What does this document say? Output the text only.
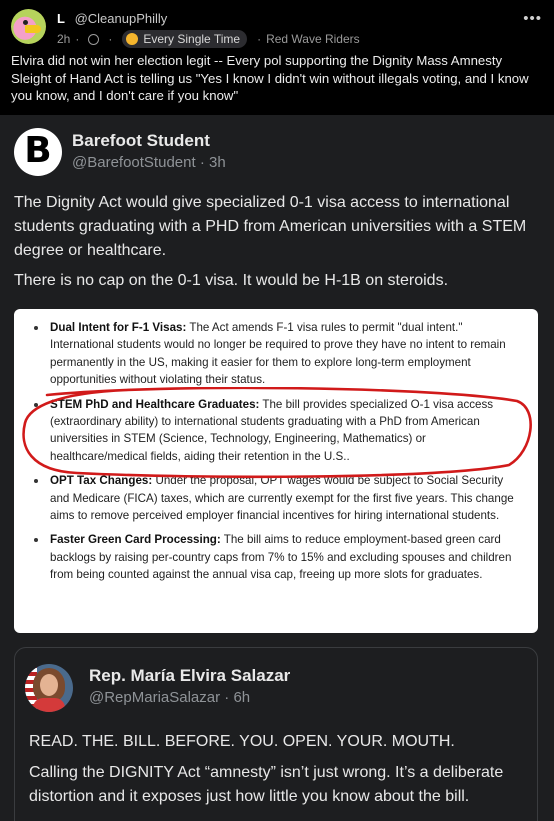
L @CleanupPhilly
2h · ·	Every Single Time · Red Wave Riders
•••
Elvira did not win her election legit -- Every pol supporting the Dignity Mass Amnesty Sleight of Hand Act is telling us "Yes I know I didn't win without illegals voting, and I know you know, and I don't care if you know"
B	Barefoot Student
@BarefootStudent · 3h
The Dignity Act would give specialized 0-1 visa access to international students graduating with a PHD from American universities with a STEM degree or healthcare.
There is no cap on the 0-1 visa. It would be H-1B on steroids.
Dual Intent for F-1 Visas: The Act amends F-1 visa rules to permit "dual intent." International students would no longer be required to prove they have no intent to remain permanently in the US, making it easier for them to explore long-term employment opportunities without violating their status.
STEM PhD and Healthcare Graduates: The bill provides specialized O-1 visa access (extraordinary ability) to international students graduating with a PhD from American universities in STEM (Science, Technology, Engineering, Mathematics) or healthcare/medical fields, aiding their retention in the U.S..
OPT Tax Changes: Under the proposal, OPT wages would be subject to Social Security and Medicare (FICA) taxes, which are currently exempt for the first five years. This change aims to remove perceived employer financial incentives for hiring international students.
Faster Green Card Processing: The bill aims to reduce employment-based green card backlogs by raising per-country caps from 7% to 15% and excluding spouses and children from being counted against the annual visa cap, freeing up more slots for graduates.
Rep. María Elvira Salazar
@RepMariaSalazar · 6h
READ. THE. BILL. BEFORE. YOU. OPEN. YOUR. MOUTH.
Calling the DIGNITY Act “amnesty” isn’t just wrong. It’s a deliberate distortion and it exposes just how little you know about the bill.
